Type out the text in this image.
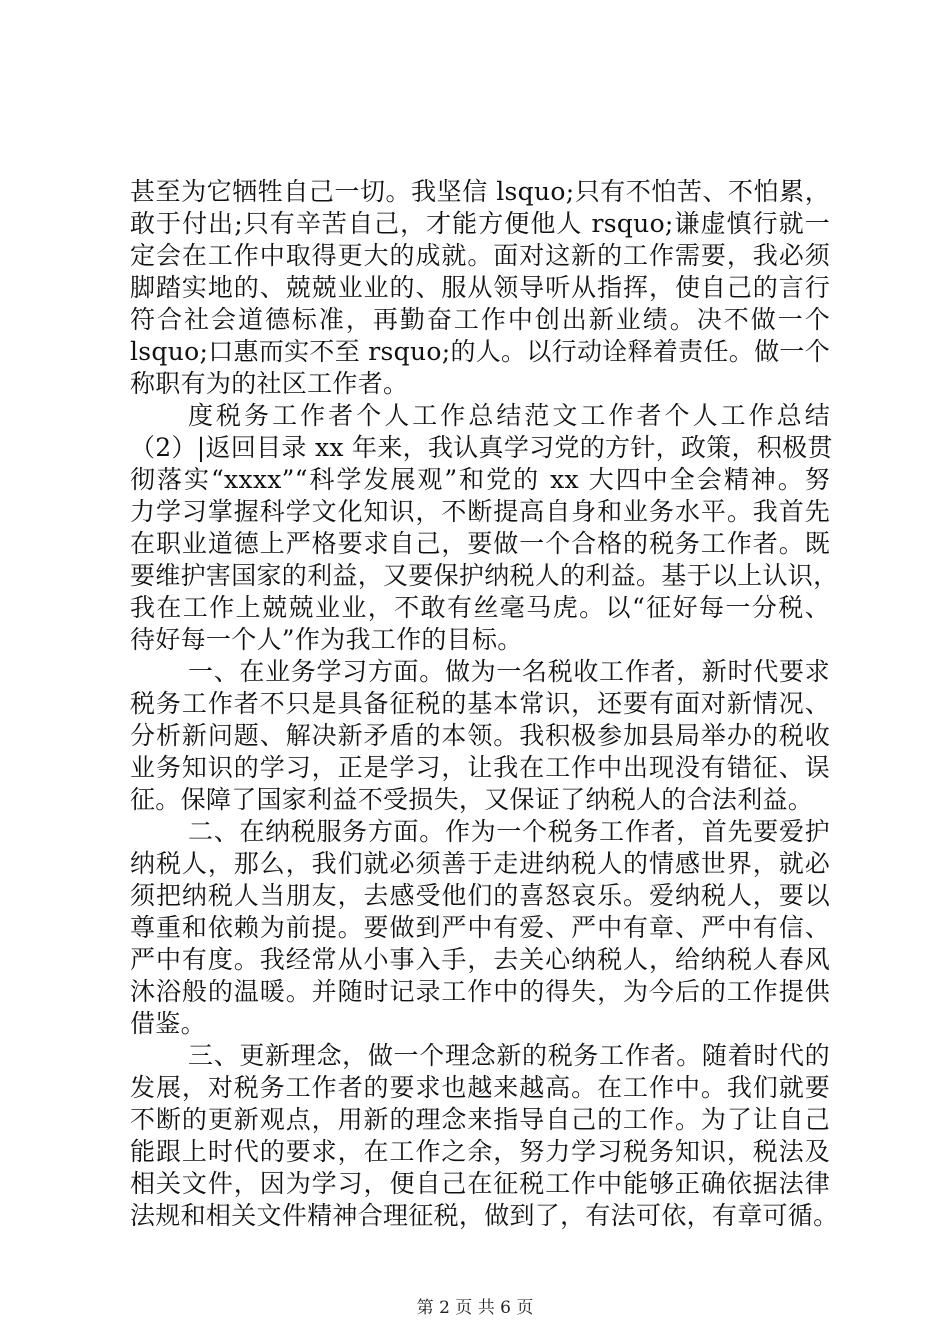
甚至为它牺牲自己一切。我坚信 lsquo;只有不怕苦、不怕累，
敢于付出;只有辛苦自己，才能方便他人 rsquo;谦虚慎行就一
定会在工作中取得更大的成就。面对这新的工作需要，我必须
脚踏实地的、兢兢业业的、服从领导听从指挥，使自己的言行
符合社会道德标准，再勤奋工作中创出新业绩。决不做一个
lsquo;口惠而实不至 rsquo;的人。以行动诠释着责任。做一个
称职有为的社区工作者。
度税务工作者个人工作总结范文工作者个人工作总结
（2）|返回目录 xx 年来，我认真学习党的方针，政策，积极贯
彻落实“xxxx”“科学发展观”和党的 xx 大四中全会精神。努
力学习掌握科学文化知识，不断提高自身和业务水平。我首先
在职业道德上严格要求自己，要做一个合格的税务工作者。既
要维护害国家的利益，又要保护纳税人的利益。基于以上认识，
我在工作上兢兢业业，不敢有丝毫马虎。以“征好每一分税、
待好每一个人”作为我工作的目标。
一、在业务学习方面。做为一名税收工作者，新时代要求
税务工作者不只是具备征税的基本常识，还要有面对新情况、
分析新问题、解决新矛盾的本领。我积极参加县局举办的税收
业务知识的学习，正是学习，让我在工作中出现没有错征、误
征。保障了国家利益不受损失，又保证了纳税人的合法利益。
二、在纳税服务方面。作为一个税务工作者，首先要爱护
纳税人，那么，我们就必须善于走进纳税人的情感世界，就必
须把纳税人当朋友，去感受他们的喜怒哀乐。爱纳税人，要以
尊重和依赖为前提。要做到严中有爱、严中有章、严中有信、
严中有度。我经常从小事入手，去关心纳税人，给纳税人春风
沐浴般的温暖。并随时记录工作中的得失，为今后的工作提供
借鉴。
三、更新理念，做一个理念新的税务工作者。随着时代的
发展，对税务工作者的要求也越来越高。在工作中。我们就要
不断的更新观点，用新的理念来指导自己的工作。为了让自己
能跟上时代的要求，在工作之余，努力学习税务知识，税法及
相关文件，因为学习，便自己在征税工作中能够正确依据法律
法规和相关文件精神合理征税，做到了，有法可依，有章可循。
第 2 页 共 6 页
